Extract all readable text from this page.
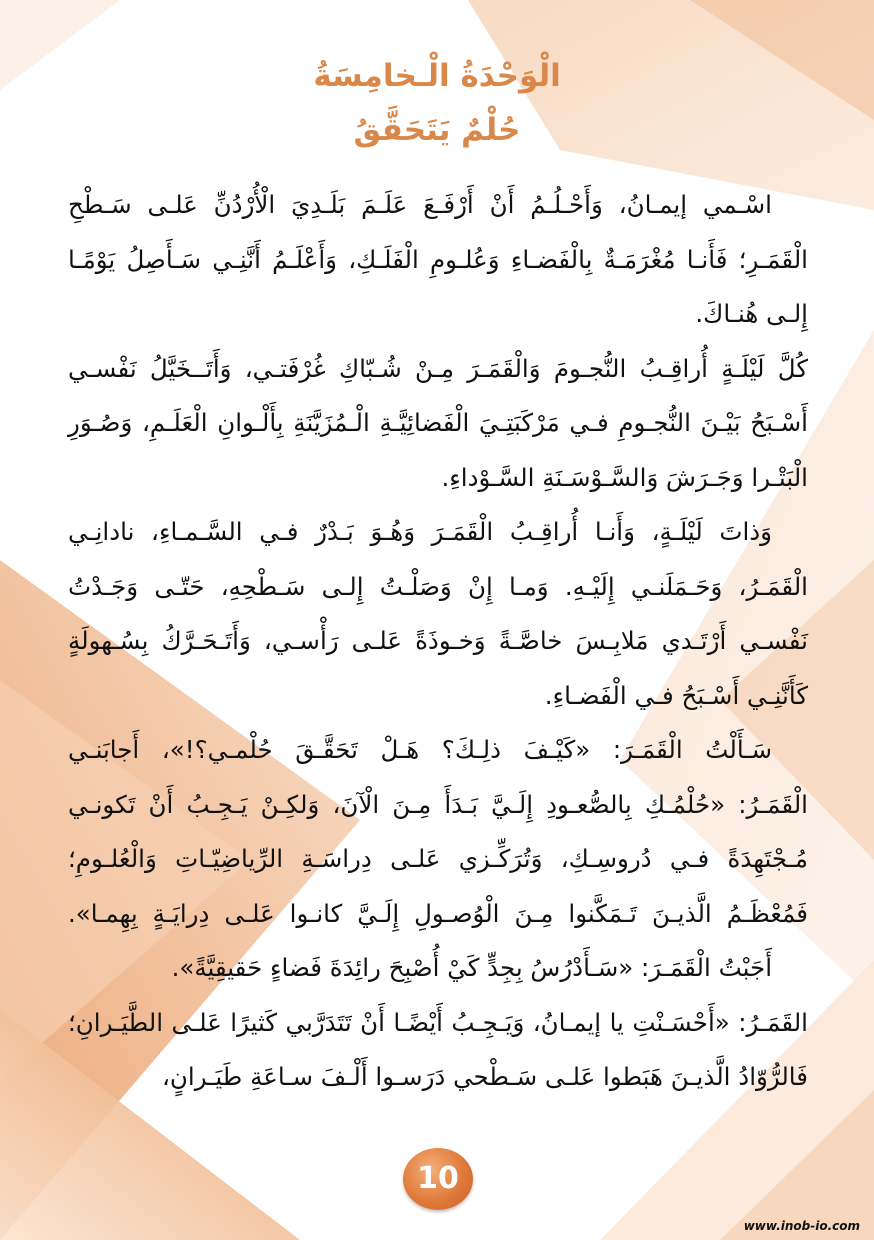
الْوَحْدَةُ الْـخامِسَةُ
حُلْمٌ يَتَحَقَّقُ
اسْـمي إيمـانُ، وَأَحْـلُـمُ أَنْ أَرْفَـعَ عَلَـمَ بَلَـدِيَ الْأُرْدُنِّ عَلـى سَـطْحِ
الْقَمَـرِ؛ فَأَنـا مُغْرَمَـةٌ بِالْفَضـاءِ وَعُلـومِ الْفَلَـكِ، وَأَعْلَـمُ أَنَّنِـي سَـأَصِلُ يَوْمًـا
إِلـى هُنـاكَ.
كُلَّ لَيْلَـةٍ أُراقِـبُ النُّجـومَ وَالْقَمَـرَ مِـنْ شُـبّاكِ غُرْفَتـي، وَأَتَــخَيَّلُ نَفْسـي
أَسْـبَحُ بَيْـنَ النُّجـومِ فـي مَرْكَبَتِـيَ الْفَضائِيَّـةِ الْـمُزَيَّنَةِ بِأَلْـوانِ الْعَلَـمِ، وَصُـوَرِ
الْبَتْـرا وَجَـرَشَ وَالسَّـوْسَـنَةِ السَّـوْداءِ.
وَذاتَ لَيْلَـةٍ، وَأَنـا أُراقِـبُ الْقَمَـرَ وَهُـوَ بَـدْرٌ فـي السَّـمـاءِ، نادانِـي
الْقَمَـرُ، وَحَـمَلَنـي إِلَيْـهِ. وَمـا إِنْ وَصَلْـتُ إِلـى سَـطْحِهِ، حَتّـى وَجَـدْتُ
نَفْسـي أَرْتَـدي مَلابِـسَ خاصَّـةً وَخـوذَةً عَلـى رَأْسـي، وَأَتَـحَـرَّكُ بِسُـهولَةٍ
كَأَنَّنِـي أَسْـبَحُ فـي الْفَضـاءِ.
سَـأَلْتُ الْقَمَـرَ: «كَيْـفَ ذلِـكَ؟ هَـلْ تَحَقَّـقَ حُلْمـي؟!»، أَجابَنـي
الْقَمَـرُ: «حُلْمُـكِ بِالصُّعـودِ إِلَـيَّ بَـدَأَ مِـنَ الْآنَ، وَلكِـنْ يَـجِـبُ أَنْ تَكونـي
مُـجْتَهِدَةً فـي دُروسِـكِ، وَتُرَكِّـزي عَلـى دِراسَـةِ الرِّياضِيّـاتِ وَالْعُلـومِ؛
فَمُعْظَـمُ الَّذيـنَ تَـمَكَّنوا مِـنَ الْوُصـولِ إِلَـيَّ كانـوا عَلـى دِرايَـةٍ بِهِمـا».
أَجَبْتُ الْقَمَـرَ: «سَـأَدْرُسُ بِجِدٍّ كَيْ أُصْبِحَ رائِدَةَ فَضاءٍ حَقيقِيَّةً».
القَمَـرُ: «أَحْسَـنْتِ يا إيمـانُ، وَيَـجِـبُ أَيْضًـا أَنْ تَتَدَرَّبي كَثيرًا عَلـى الطَّيَـرانِ؛
فَالرُّوّادُ الَّذيـنَ هَبَطوا عَلـى سَـطْحي دَرَسـوا أَلْـفَ سـاعَةِ طَيَـرانٍ،
10
www.inob-io.com
